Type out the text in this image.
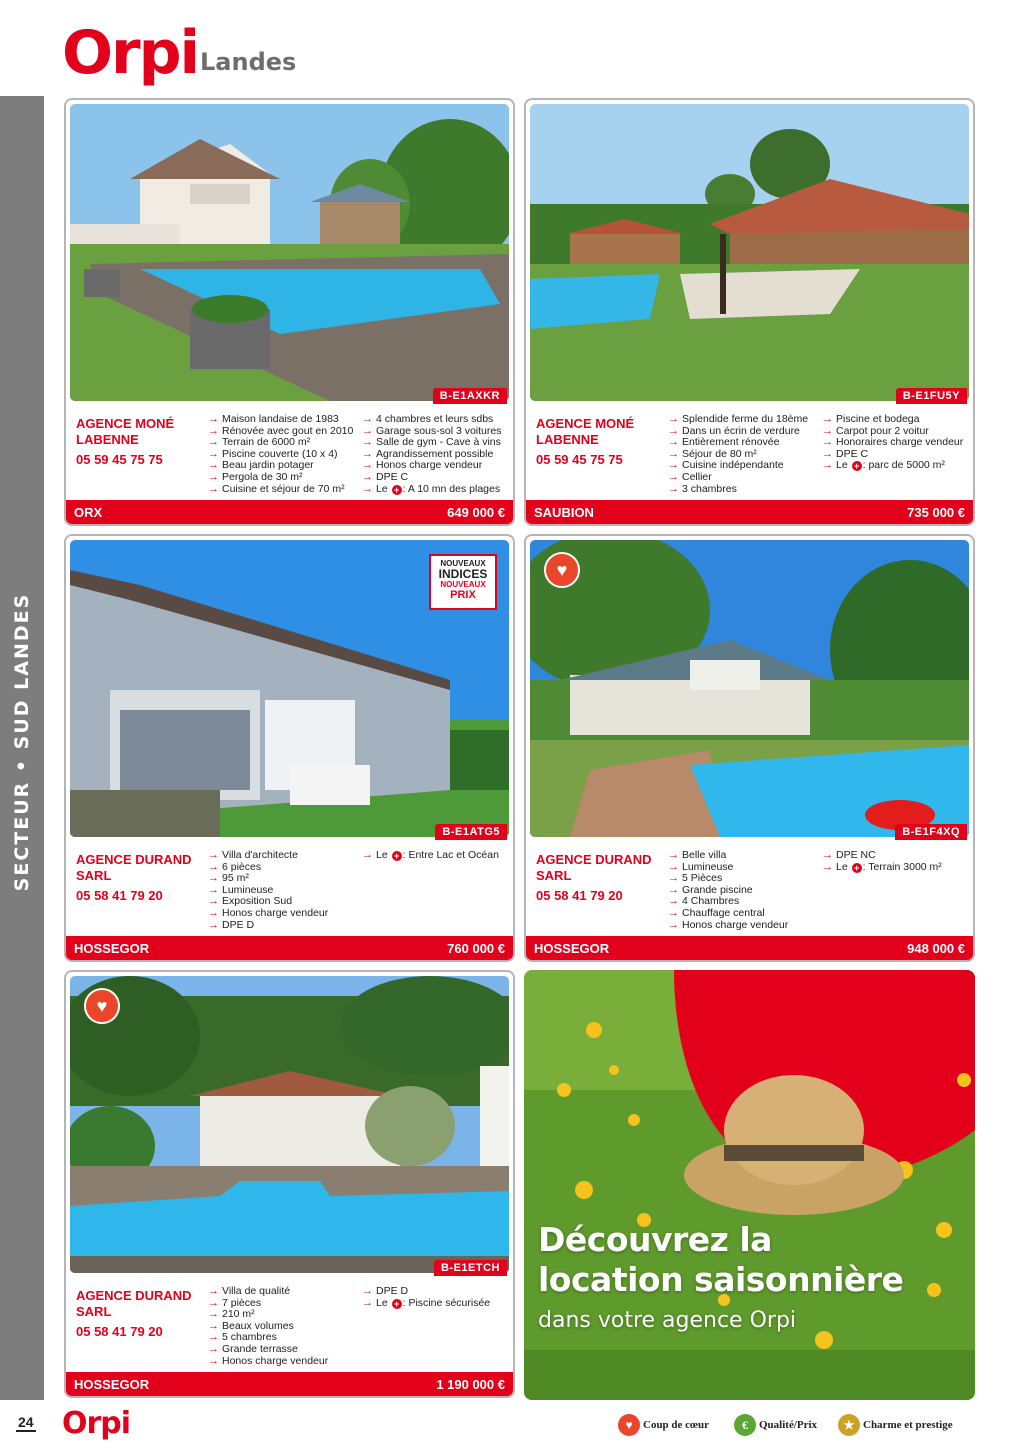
SECTEUR • SUD LANDES
Orpi Landes
B-E1AXKR
AGENCE MONÉ LABENNE
05 59 45 75 75
→ Maison landaise de 1983
→ Rénovée avec gout en 2010
→ Terrain de 6000 m²
→ Piscine couverte (10 x 4)
→ Beau jardin potager
→ Pergola de 30 m²
→ Cuisine et séjour de 70 m²
→ 4 chambres et leurs sdbs
→ Garage sous-sol 3 voitures
→ Salle de gym - Cave à vins
→ Agrandissement possible
→ Honos charge vendeur
→ DPE C
→ Le + : A 10 mn des plages
ORX	649 000 €
B-E1FU5Y
AGENCE MONÉ LABENNE
05 59 45 75 75
→ Splendide ferme du 18ème
→ Dans un écrin de verdure
→ Entièrement rénovée
→ Séjour de 80 m²
→ Cuisine indépendante
→ Cellier
→ 3 chambres
→ Piscine et bodega
→ Carpot pour 2 voitur
→ Honoraires charge vendeur
→ DPE C
→ Le + : parc de 5000 m²
SAUBION	735 000 €
NOUVEAUX
INDICES
NOUVEAUX
PRIX
B-E1ATG5
AGENCE DURAND SARL
05 58 41 79 20
→ Villa d'architecte
→ 6 pièces
→ 95 m²
→ Lumineuse
→ Exposition Sud
→ Honos charge vendeur
→ DPE D
→ Le + : Entre Lac et Océan
HOSSEGOR	760 000 €
♥
B-E1F4XQ
AGENCE DURAND SARL
05 58 41 79 20
→ Belle villa
→ Lumineuse
→ 5 Pièces
→ Grande piscine
→ 4 Chambres
→ Chauffage central
→ Honos charge vendeur
→ DPE NC
→ Le + : Terrain 3000 m²
HOSSEGOR	948 000 €
♥
B-E1ETCH
AGENCE DURAND SARL
05 58 41 79 20
→ Villa de qualité
→ 7 pièces
→ 210 m²
→ Beaux volumes
→ 5 chambres
→ Grande terrasse
→ Honos charge vendeur
→ DPE D
→ Le + : Piscine sécurisée
HOSSEGOR	1 190 000 €
Découvrez la
location saisonnière
dans votre agence Orpi
24 Orpi	♥ Coup de cœur	€	Qualité/Prix	★ Charme et prestige
